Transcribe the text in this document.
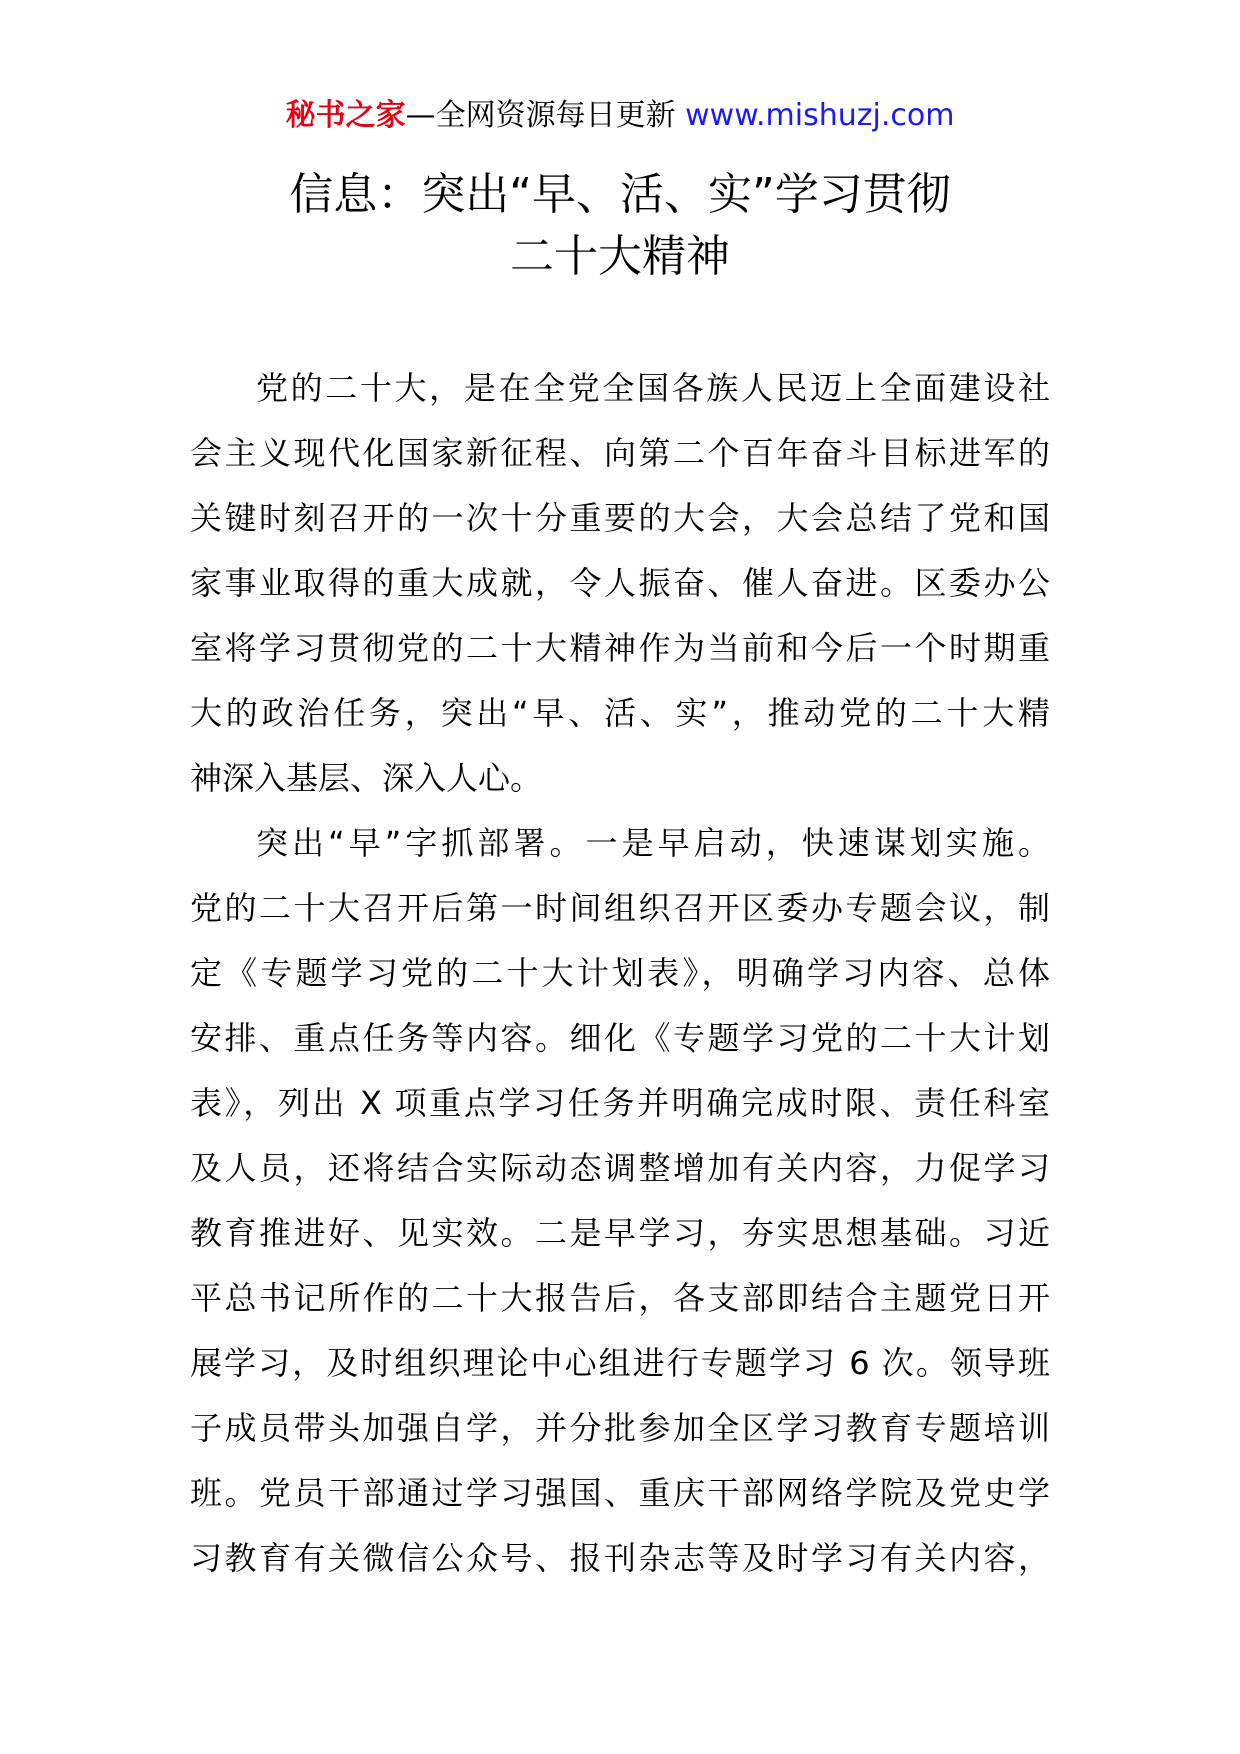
秘书之家—全网资源每日更新 www.mishuzj.com
信息：突出“早、活、实”学习贯彻
二十大精神
党的二十大，是在全党全国各族人民迈上全面建设社
会主义现代化国家新征程、向第二个百年奋斗目标进军的
关键时刻召开的一次十分重要的大会，大会总结了党和国
家事业取得的重大成就，令人振奋、催人奋进。区委办公
室将学习贯彻党的二十大精神作为当前和今后一个时期重
大的政治任务，突出“早、活、实”，推动党的二十大精
神深入基层、深入人心。
突出“早”字抓部署。一是早启动，快速谋划实施。
党的二十大召开后第一时间组织召开区委办专题会议，制
定《专题学习党的二十大计划表》，明确学习内容、总体
安排、重点任务等内容。细化《专题学习党的二十大计划
表》，列出 X 项重点学习任务并明确完成时限、责任科室
及人员，还将结合实际动态调整增加有关内容，力促学习
教育推进好、见实效。二是早学习，夯实思想基础。习近
平总书记所作的二十大报告后，各支部即结合主题党日开
展学习，及时组织理论中心组进行专题学习 6 次。领导班
子成员带头加强自学，并分批参加全区学习教育专题培训
班。党员干部通过学习强国、重庆干部网络学院及党史学
习教育有关微信公众号、报刊杂志等及时学习有关内容，
